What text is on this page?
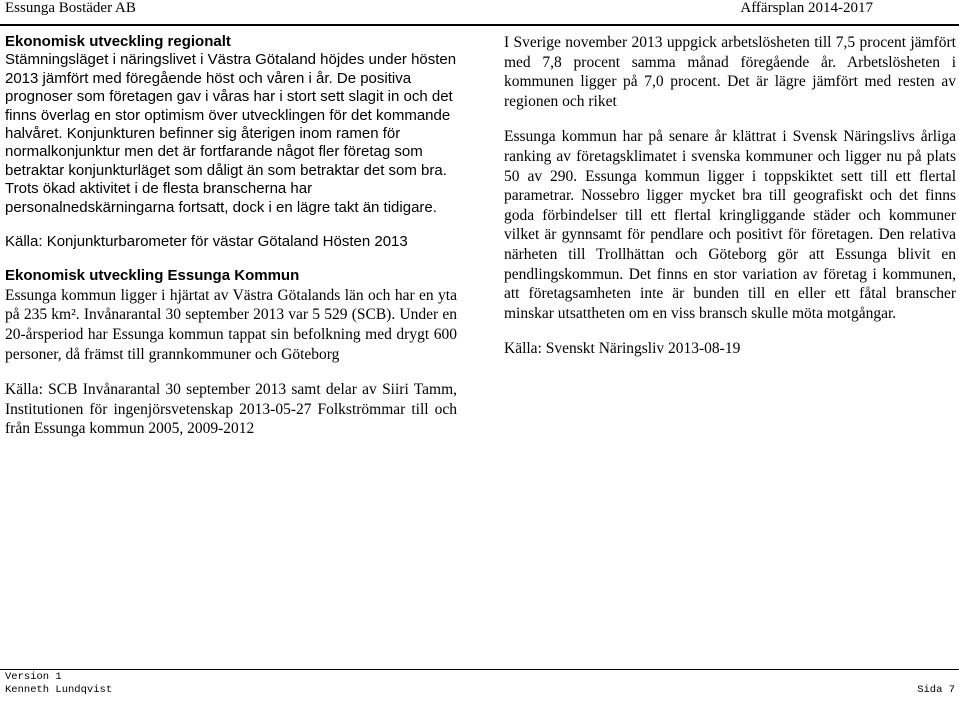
Essunga Bostäder AB	Affärsplan 2014-2017

Ekonomisk utveckling regionalt

Stämningsläget i näringslivet i Västra Götaland höjdes under hösten 2013 jämfört med föregående höst och våren i år. De positiva prognoser som företagen gav i våras har i stort sett slagit in och det finns överlag en stor optimism över utvecklingen för det kommande halvåret. Konjunkturen befinner sig återigen inom ramen för normalkonjunktur men det är fortfarande något fler företag som betraktar konjunkturläget som dåligt än som betraktar det som bra. Trots ökad aktivitet i de flesta branscherna har personalnedskärningarna fortsatt, dock i en lägre takt än tidigare.

Källa: Konjunkturbarometer för västar Götaland Hösten 2013

Ekonomisk utveckling Essunga Kommun

Essunga kommun ligger i hjärtat av Västra Götalands län och har en yta på 235 km². Invånarantal 30 september 2013 var 5 529 (SCB). Under en 20-årsperiod har Essunga kommun tappat sin befolkning med drygt 600 personer, då främst till grannkommuner och Göteborg

Källa: SCB Invånarantal 30 september 2013 samt delar av Siiri Tamm, Institutionen för ingenjörsvetenskap 2013-05-27 Folkströmmar till och från Essunga kommun 2005, 2009-2012

I Sverige november 2013 uppgick arbetslösheten till 7,5 procent jämfört med 7,8 procent samma månad föregående år. Arbetslösheten i kommunen ligger på 7,0 procent. Det är lägre jämfört med resten av regionen och riket

Essunga kommun har på senare år klättrat i Svensk Näringslivs årliga ranking av företagsklimatet i svenska kommuner och ligger nu på plats 50 av 290. Essunga kommun ligger i toppskiktet sett till ett flertal parametrar. Nossebro ligger mycket bra till geografiskt och det finns goda förbindelser till ett flertal kringliggande städer och kommuner vilket är gynnsamt för pendlare och positivt för företagen. Den relativa närheten till Trollhättan och Göteborg gör att Essunga blivit en pendlingskommun. Det finns en stor variation av företag i kommunen, att företagsamheten inte är bunden till en eller ett fåtal branscher minskar utsattheten om en viss bransch skulle möta motgångar.

Källa: Svenskt Näringsliv 2013-08-19

Version 1
Kenneth Lundqvist	Sida 7
